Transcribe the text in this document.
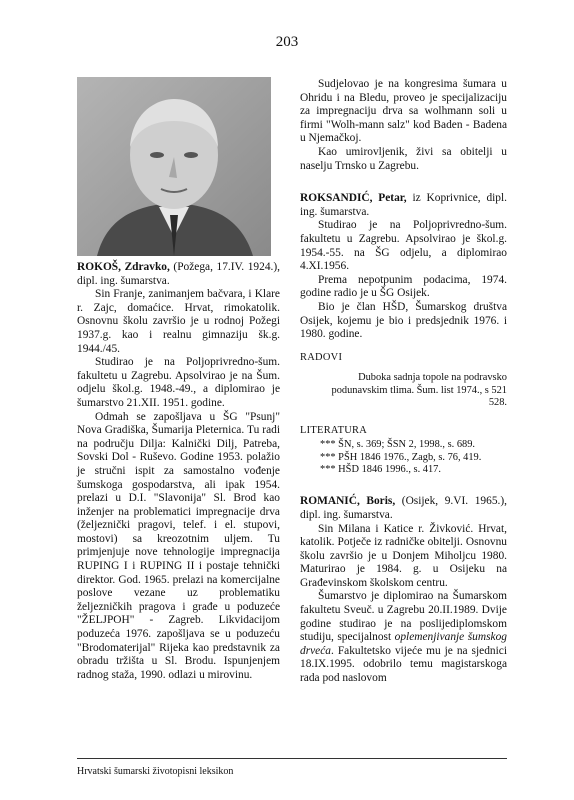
203

ROKOŠ, Zdravko, (Požega, 17.IV. 1924.), dipl. ing. šumarstva.

Sin Franje, zanimanjem bačvara, i Klare r. Zajc, domaćice. Hrvat, rimokatolik. Osnovnu školu završio je u rodnoj Požegi 1937.g. kao i realnu gimnaziju šk.g. 1944./45.

Studirao je na Poljoprivredno-šum. fakultetu u Zagrebu. Apsolvirao je na Šum. odjelu škol.g. 1948.-49., a diplomirao je šumarstvo 21.XII. 1951. godine.

Odmah se zapošljava u ŠG "Psunj" Nova Gradiška, Šumarija Pleternica. Tu radi na području Dilja: Kalnički Dilj, Patreba, Sovski Dol - Ruševo. Godine 1953. polažio je stručni ispit za samostalno vođenje šumskoga gospodarstva, ali ipak 1954. prelazi u D.I. "Slavonija" Sl. Brod kao inženjer na problematici impregnacije drva (željeznički pragovi, telef. i el. stupovi, mostovi) sa kreozotnim uljem. Tu primjenjuje nove tehnologije impregnacija RUPING I i RUPING II i postaje tehnički direktor. God. 1965. prelazi na komercijalne poslove vezane uz problematiku željezničkih pragova i građe u poduzeće "ŽELJPOH" - Zagreb. Likvidacijom poduzeća 1976. zapošljava se u poduzeću "Brodomaterijal" Rijeka kao predstavnik za obradu tržišta u Sl. Brodu. Ispunjenjem radnog staža, 1990. odlazi u mirovinu.

Sudjelovao je na kongresima šumara u Ohridu i na Bledu, proveo je specijalizaciju za impregnaciju drva sa wolhmann soli u firmi "Wolh-mann salz" kod Baden - Badena u Njemačkoj.

Kao umirovljenik, živi sa obitelji u naselju Trnsko u Zagrebu.

ROKSANDIĆ, Petar, iz Koprivnice, dipl. ing. šumarstva.

Studirao je na Poljoprivredno-šum. fakultetu u Zagrebu. Apsolvirao je škol.g. 1954.-55. na ŠG odjelu, a diplomirao 4.XI.1956.

Prema nepotpunim podacima, 1974. godine radio je u ŠG Osijek.

Bio je član HŠD, Šumarskog društva Osijek, kojemu je bio i predsjednik 1976. i 1980. godine.

RADOVI
Duboka sadnja topole na podravsko podunavskim tlima. Šum. list 1974., s 521 528.
LITERATURA
*** ŠN, s. 369; ŠSN 2, 1998., s. 689.
*** PŠH 1846 1976., Zagb, s. 76, 419.
*** HŠD 1846 1996., s. 417.

ROMANIĆ, Boris, (Osijek, 9.VI. 1965.), dipl. ing. šumarstva.

Sin Milana i Katice r. Živković. Hrvat, katolik. Potječe iz radničke obitelji. Osnovnu školu završio je u Donjem Miholjcu 1980. Maturirao je 1984. g. u Osijeku na Građevinskom školskom centru.

Šumarstvo je diplomirao na Šumarskom fakultetu Sveuč. u Zagrebu 20.II.1989. Dvije godine studirao je na poslijediplomskom studiju, specijalnost oplemenjivanje šumskog drveća. Fakultetsko vijeće mu je na sjednici 18.IX.1995. odobrilo temu magistarskoga rada pod naslovom

Hrvatski šumarski životopisni leksikon
